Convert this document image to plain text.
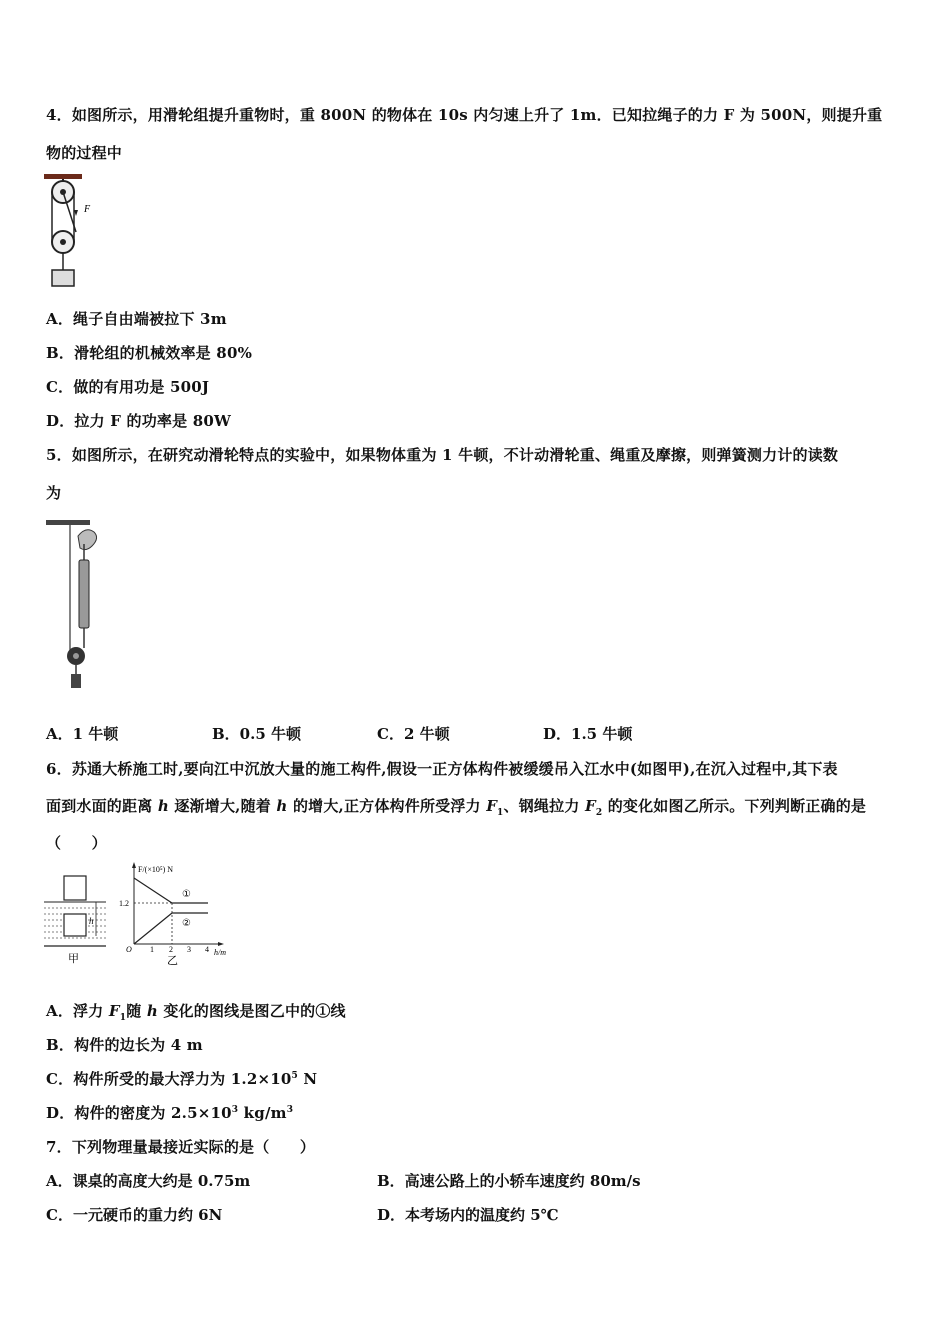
4．如图所示，用滑轮组提升重物时，重 800N 的物体在 10s 内匀速上升了 1m．已知拉绳子的力 F 为 500N，则提升重
物的过程中
F
A．绳子自由端被拉下 3m
B．滑轮组的机械效率是 80%
C．做的有用功是 500J
D．拉力 F 的功率是 80W
5．如图所示，在研究动滑轮特点的实验中，如果物体重为 1 牛顿，不计动滑轮重、绳重及摩擦，则弹簧测力计的读数
为
A．1 牛顿	B．0.5 牛顿	C．2 牛顿	D．1.5 牛顿
6．苏通大桥施工时,要向江中沉放大量的施工构件,假设一正方体构件被缓缓吊入江水中(如图甲),在沉入过程中,其下表
面到水面的距离 h 逐渐增大,随着 h 的增大,正方体构件所受浮力 $F_1$、钢绳拉力 $F_2$ 的变化如图乙所示。下列判断正确的是
（　　）
h
甲
F/(×10⁵) N
h/m
1.2
①
②
O 1 2 3 4
乙
A．浮力 $F_1$随 h 变化的图线是图乙中的①线
B．构件的边长为 4 m
C．构件所受的最大浮力为 $1.2\times 10^5$ N
D．构件的密度为 $2.5\times 10^3$ $kg/m^3$
7．下列物理量最接近实际的是（　　）
A．课桌的高度大约是 0.75m	B．高速公路上的小轿车速度约 80m/s
C．一元硬币的重力约 6N	D．本考场内的温度约 5℃
